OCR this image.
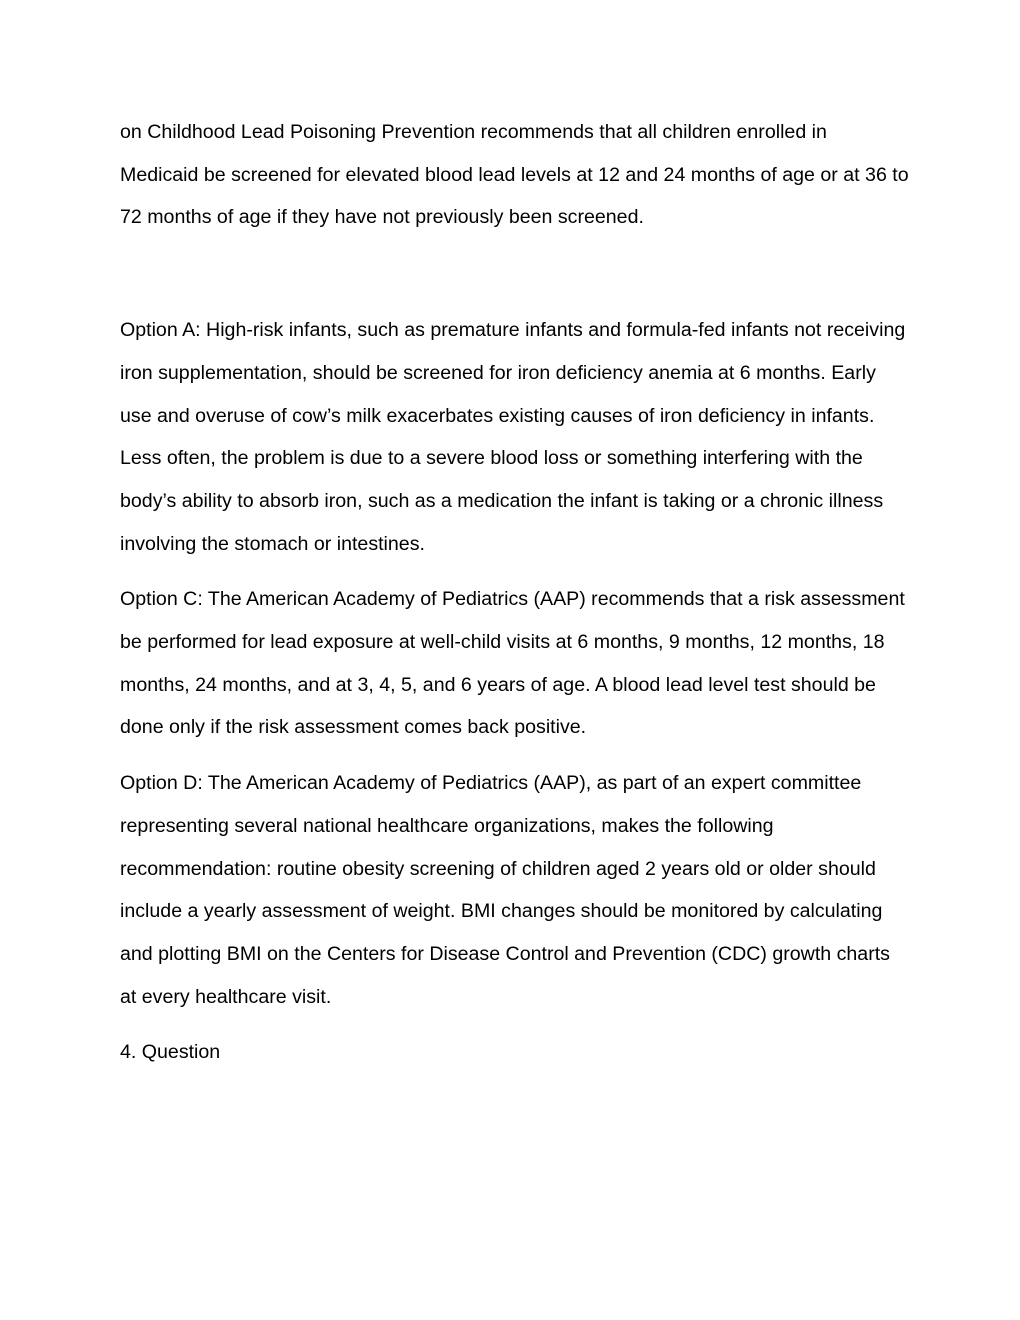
on Childhood Lead Poisoning Prevention recommends that all children enrolled in Medicaid be screened for elevated blood lead levels at 12 and 24 months of age or at 36 to 72 months of age if they have not previously been screened.

Option A: High-risk infants, such as premature infants and formula-fed infants not receiving iron supplementation, should be screened for iron deficiency anemia at 6 months. Early use and overuse of cow’s milk exacerbates existing causes of iron deficiency in infants. Less often, the problem is due to a severe blood loss or something interfering with the body’s ability to absorb iron, such as a medication the infant is taking or a chronic illness involving the stomach or intestines.

Option C: The American Academy of Pediatrics (AAP) recommends that a risk assessment be performed for lead exposure at well-child visits at 6 months, 9 months, 12 months, 18 months, 24 months, and at 3, 4, 5, and 6 years of age. A blood lead level test should be done only if the risk assessment comes back positive.

Option D: The American Academy of Pediatrics (AAP), as part of an expert committee representing several national healthcare organizations, makes the following recommendation: routine obesity screening of children aged 2 years old or older should include a yearly assessment of weight. BMI changes should be monitored by calculating and plotting BMI on the Centers for Disease Control and Prevention (CDC) growth charts at every healthcare visit.

4. Question
